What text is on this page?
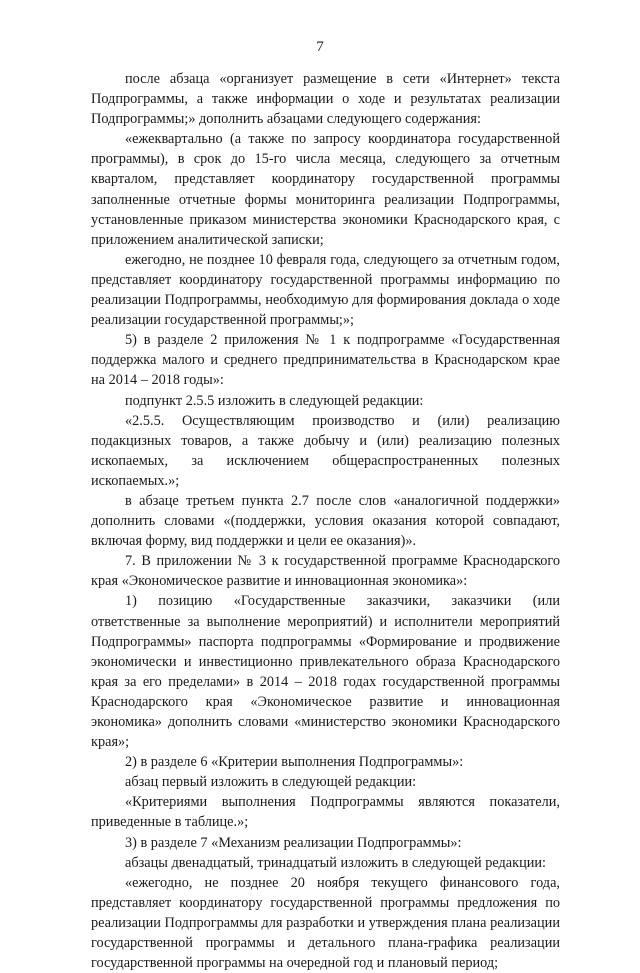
7

после абзаца «организует размещение в сети «Интернет» текста Подпрограммы, а также информации о ходе и результатах реализации Подпрограммы;» дополнить абзацами следующего содержания:

«ежеквартально (а также по запросу координатора государственной программы), в срок до 15-го числа месяца, следующего за отчетным кварталом, представляет координатору государственной программы заполненные отчетные формы мониторинга реализации Подпрограммы, установленные приказом министерства экономики Краснодарского края, с приложением аналитической записки;

ежегодно, не позднее 10 февраля года, следующего за отчетным годом, представляет координатору государственной программы информацию по реализации Подпрограммы, необходимую для формирования доклада о ходе реализации государственной программы;»;

5) в разделе 2 приложения № 1 к подпрограмме «Государственная поддержка малого и среднего предпринимательства в Краснодарском крае на 2014 – 2018 годы»:

подпункт 2.5.5 изложить в следующей редакции:

«2.5.5. Осуществляющим производство и (или) реализацию подакцизных товаров, а также добычу и (или) реализацию полезных ископаемых, за исключением общераспространенных полезных ископаемых.»;

в абзаце третьем пункта 2.7 после слов «аналогичной поддержки» дополнить словами «(поддержки, условия оказания которой совпадают, включая форму, вид поддержки и цели ее оказания)».

7. В приложении № 3 к государственной программе Краснодарского края «Экономическое развитие и инновационная экономика»:

1) позицию «Государственные заказчики, заказчики (или ответственные за выполнение мероприятий) и исполнители мероприятий Подпрограммы» паспорта подпрограммы «Формирование и продвижение экономически и инвестиционно привлекательного образа Краснодарского края за его пределами» в 2014 – 2018 годах государственной программы Краснодарского края «Экономическое развитие и инновационная экономика» дополнить словами «министерство экономики Краснодарского края»;

2) в разделе 6 «Критерии выполнения Подпрограммы»:

абзац первый изложить в следующей редакции:

«Критериями выполнения Подпрограммы являются показатели, приведенные в таблице.»;

3) в разделе 7 «Механизм реализации Подпрограммы»:

абзацы двенадцатый, тринадцатый изложить в следующей редакции:

«ежегодно, не позднее 20 ноября текущего финансового года, представляет координатору государственной программы предложения по реализации Подпрограммы для разработки и утверждения плана реализации государственной программы и детального плана-графика реализации государственной программы на очередной год и плановый период;
